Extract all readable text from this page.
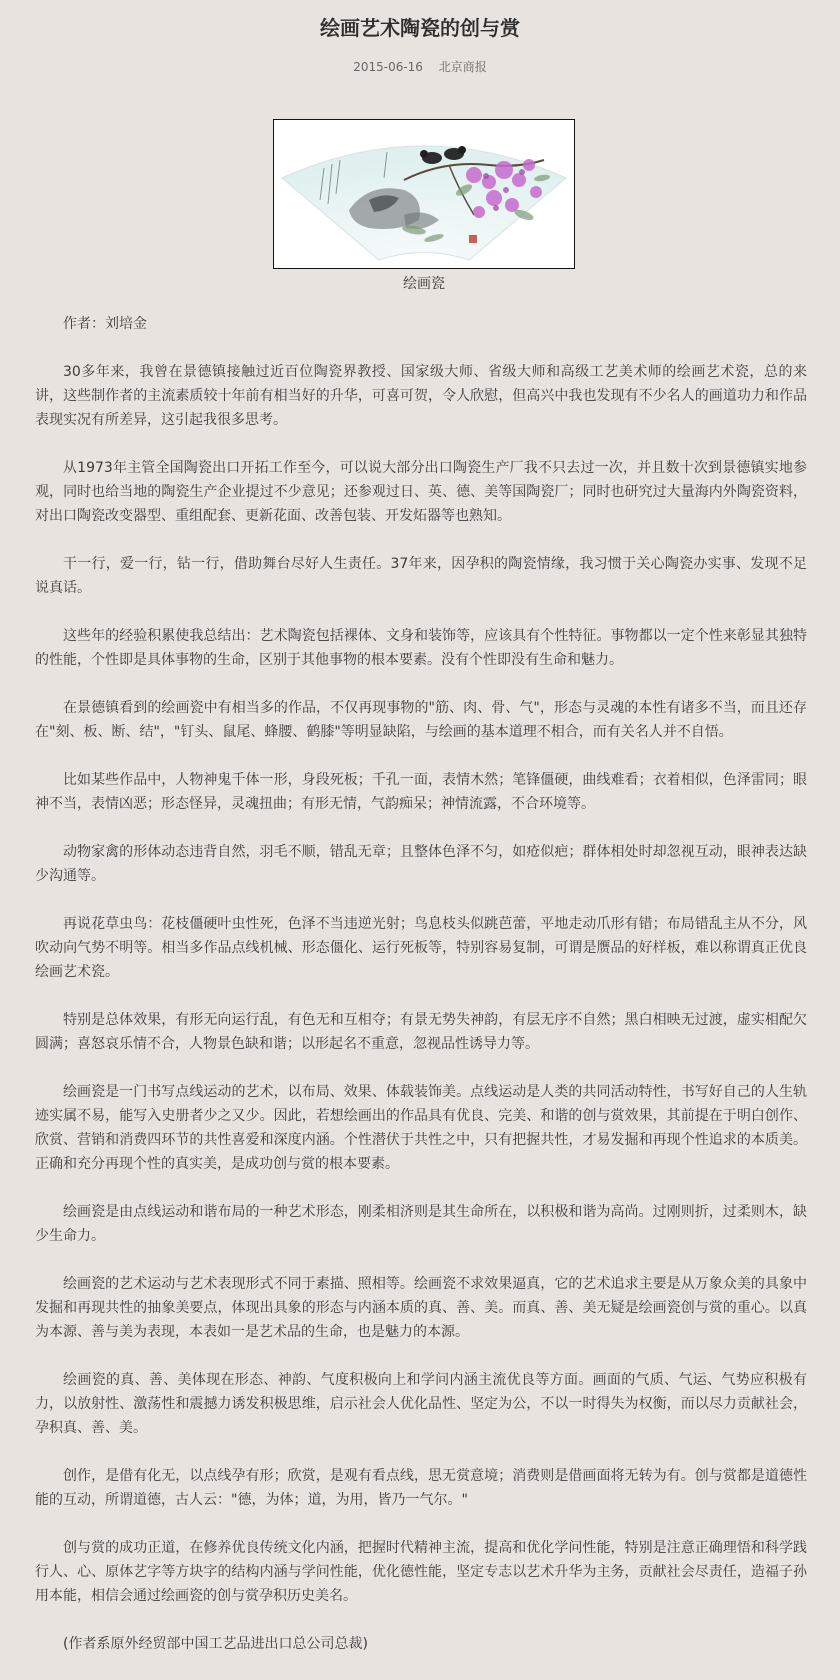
绘画艺术陶瓷的创与赏
2015-06-16 北京商报
绘画瓷

作者：刘培金

30多年来，我曾在景德镇接触过近百位陶瓷界教授、国家级大师、省级大师和高级工艺美术师的绘画艺术瓷，总的来讲，这些制作者的主流素质较十年前有相当好的升华，可喜可贺，令人欣慰，但高兴中我也发现有不少名人的画道功力和作品表现实况有所差异，这引起我很多思考。

从1973年主管全国陶瓷出口开拓工作至今，可以说大部分出口陶瓷生产厂我不只去过一次，并且数十次到景德镇实地参观，同时也给当地的陶瓷生产企业提过不少意见；还参观过日、英、德、美等国陶瓷厂；同时也研究过大量海内外陶瓷资料，对出口陶瓷改变器型、重组配套、更新花面、改善包装、开发炻器等也熟知。

干一行，爱一行，钻一行，借助舞台尽好人生责任。37年来，因孕积的陶瓷情缘，我习惯于关心陶瓷办实事、发现不足说真话。

这些年的经验积累使我总结出：艺术陶瓷包括裸体、文身和装饰等，应该具有个性特征。事物都以一定个性来彰显其独特的性能，个性即是具体事物的生命，区别于其他事物的根本要素。没有个性即没有生命和魅力。

在景德镇看到的绘画瓷中有相当多的作品，不仅再现事物的"筋、肉、骨、气"，形态与灵魂的本性有诸多不当，而且还存在"刻、板、断、结"，"钉头、鼠尾、蜂腰、鹤膝"等明显缺陷，与绘画的基本道理不相合，而有关名人并不自悟。

比如某些作品中，人物神鬼千体一形，身段死板；千孔一面，表情木然；笔锋僵硬，曲线难看；衣着相似，色泽雷同；眼神不当，表情凶恶；形态怪异，灵魂扭曲；有形无情，气韵痴呆；神情流露，不合环境等。

动物家禽的形体动态违背自然，羽毛不顺，错乱无章；且整体色泽不匀，如疮似疤；群体相处时却忽视互动，眼神表达缺少沟通等。

再说花草虫鸟：花枝僵硬叶虫性死，色泽不当违逆光射；鸟息枝头似跳芭蕾，平地走动爪形有错；布局错乱主从不分，风吹动向气势不明等。相当多作品点线机械、形态僵化、运行死板等，特别容易复制，可谓是赝品的好样板，难以称谓真正优良绘画艺术瓷。

特别是总体效果，有形无向运行乱，有色无和互相夺；有景无势失神韵，有层无序不自然；黑白相映无过渡，虚实相配欠圆满；喜怒哀乐情不合，人物景色缺和谐；以形起名不重意，忽视品性诱导力等。

绘画瓷是一门书写点线运动的艺术，以布局、效果、体载装饰美。点线运动是人类的共同活动特性，书写好自己的人生轨迹实属不易，能写入史册者少之又少。因此，若想绘画出的作品具有优良、完美、和谐的创与赏效果，其前提在于明白创作、欣赏、营销和消费四环节的共性喜爱和深度内涵。个性潜伏于共性之中，只有把握共性，才易发掘和再现个性追求的本质美。正确和充分再现个性的真实美，是成功创与赏的根本要素。

绘画瓷是由点线运动和谐布局的一种艺术形态，刚柔相济则是其生命所在，以积极和谐为高尚。过刚则折，过柔则木，缺少生命力。

绘画瓷的艺术运动与艺术表现形式不同于素描、照相等。绘画瓷不求效果逼真，它的艺术追求主要是从万象众美的具象中发掘和再现共性的抽象美要点，体现出具象的形态与内涵本质的真、善、美。而真、善、美无疑是绘画瓷创与赏的重心。以真为本源、善与美为表现，本表如一是艺术品的生命，也是魅力的本源。

绘画瓷的真、善、美体现在形态、神韵、气度积极向上和学问内涵主流优良等方面。画面的气质、气运、气势应积极有力，以放射性、激荡性和震撼力诱发积极思维，启示社会人优化品性、坚定为公，不以一时得失为权衡，而以尽力贡献社会，孕积真、善、美。

创作，是借有化无，以点线孕有形；欣赏，是观有看点线，思无赏意境；消费则是借画面将无转为有。创与赏都是道德性能的互动，所谓道德，古人云："德，为体；道，为用，皆乃一气尔。"

创与赏的成功正道，在修养优良传统文化内涵，把握时代精神主流，提高和优化学问性能，特别是注意正确理悟和科学践行人、心、原体艺字等方块字的结构内涵与学问性能，优化德性能，坚定专志以艺术升华为主务，贡献社会尽责任，造福子孙用本能，相信会通过绘画瓷的创与赏孕积历史美名。

(作者系原外经贸部中国工艺品进出口总公司总裁)
